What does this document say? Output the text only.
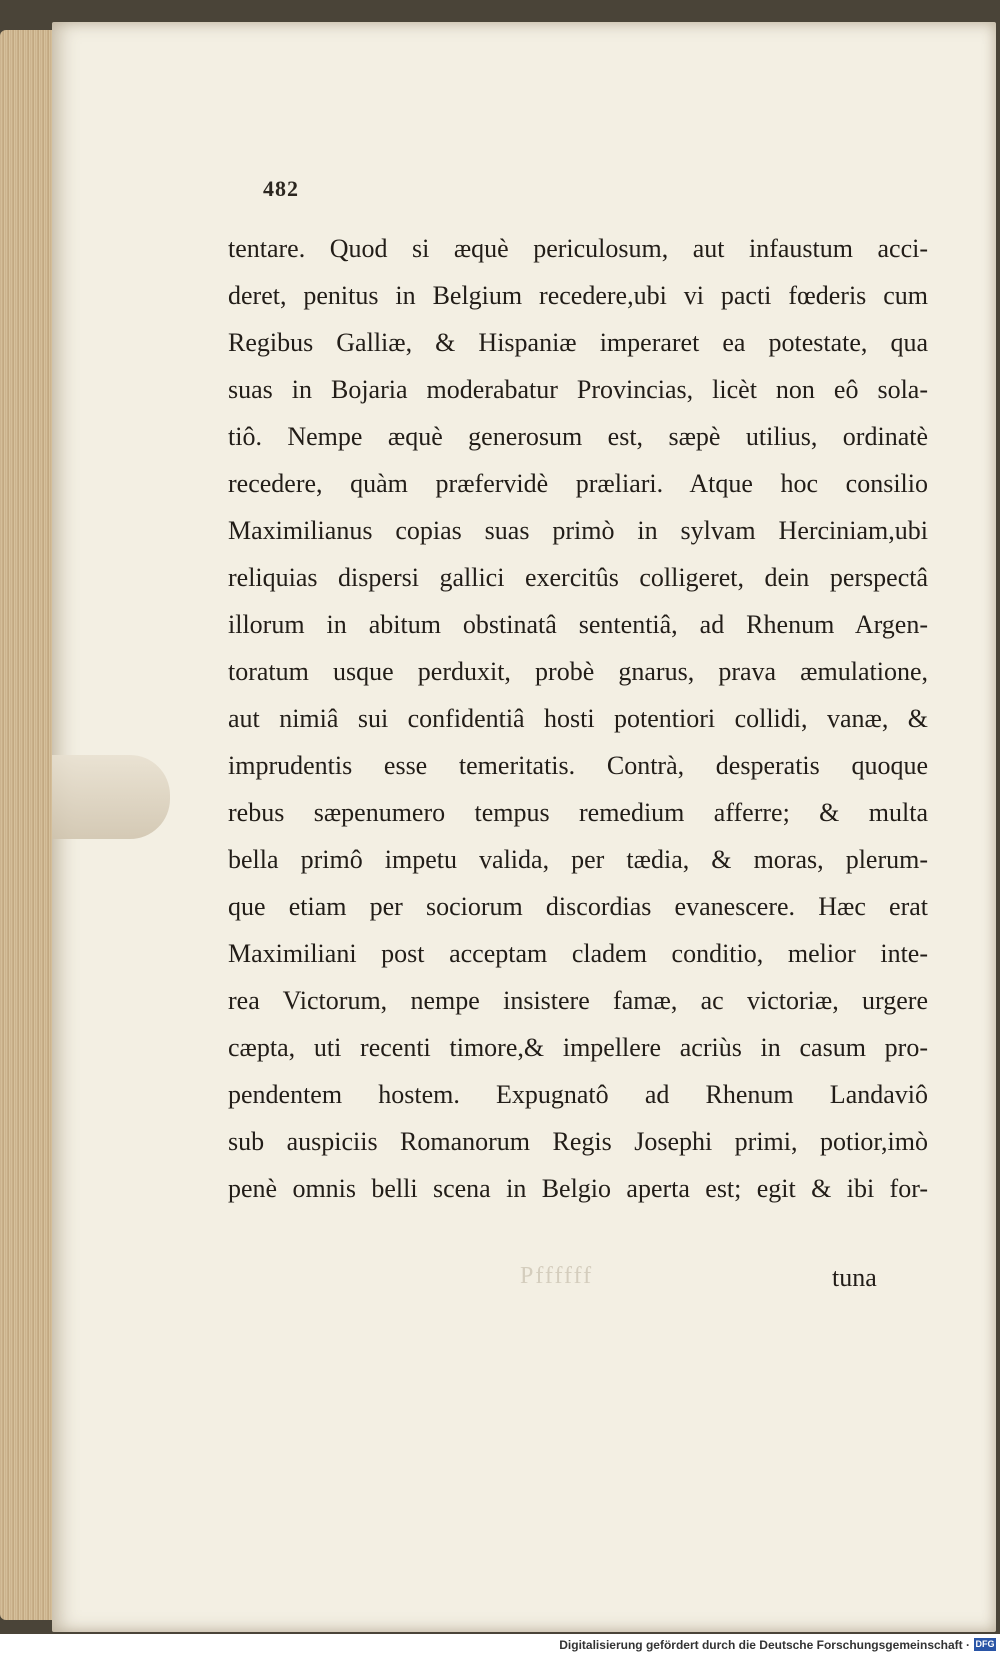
482
tentare. Quod si æquè periculosum, aut infaustum acci-
deret, penitus in Belgium recedere,ubi vi pacti fœderis cum
Regibus Galliæ, & Hispaniæ imperaret ea potestate, qua
suas in Bojaria moderabatur Provincias, licèt non eô sola-
tiô. Nempe æquè generosum est, sæpè utilius, ordinatè
recedere, quàm præfervidè præliari. Atque hoc consilio
Maximilianus copias suas primò in sylvam Herciniam,ubi
reliquias dispersi gallici exercitûs colligeret, dein perspectâ
illorum in abitum obstinatâ sententiâ, ad Rhenum Argen-
toratum usque perduxit, probè gnarus, prava æmulatione,
aut nimiâ sui confidentiâ hosti potentiori collidi, vanæ, &
imprudentis esse temeritatis. Contrà, desperatis quoque
rebus sæpenumero tempus remedium afferre; & multa
bella primô impetu valida, per tædia, & moras, plerum-
que etiam per sociorum discordias evanescere. Hæc erat
Maximiliani post acceptam cladem conditio, melior inte-
rea Victorum, nempe insistere famæ, ac victoriæ, urgere
cæpta, uti recenti timore,& impellere acriùs in casum pro-
pendentem hostem. Expugnatô ad Rhenum Landaviô
sub auspiciis Romanorum Regis Josephi primi, potior,imò
penè omnis belli scena in Belgio aperta est; egit & ibi for-
Pffffff	tuna
Digitalisierung gefördert durch die Deutsche Forschungsgemeinschaft · DFG
